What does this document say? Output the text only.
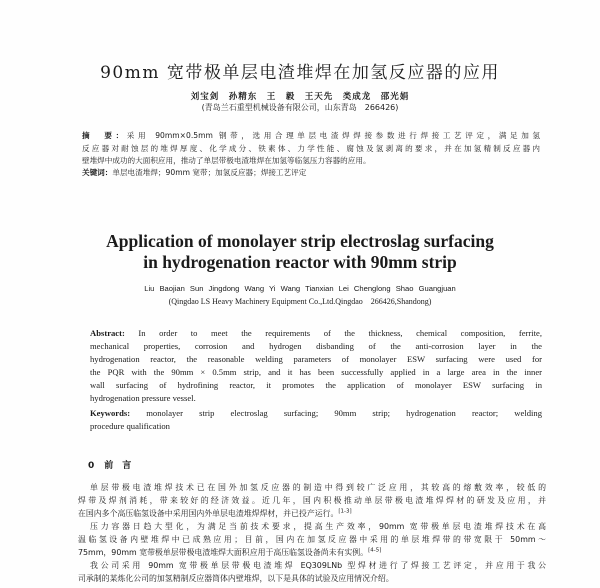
90mm 宽带极单层电渣堆焊在加氢反应器的应用
刘宝剑　孙精东　王　毅　王天先　类成龙　邵光娟
(青岛兰石重型机械设备有限公司，山东青岛　266426)
摘　要：采用 90mm×0.5mm 钢带，选用合理单层电渣焊焊接参数进行焊接工艺评定，满足加氢
反应器对耐蚀层的堆焊厚度、化学成分、铁素体、力学性能、腐蚀及氢剥离的要求，并在加氢精制反应器内
壁堆焊中成功的大面积应用，推动了单层带极电渣堆焊在加氢等临氢压力容器的应用。
关键词：单层电渣堆焊；90mm 宽带；加氢反应器；焊接工艺评定
Application of monolayer strip electroslag surfacing
in hydrogenation reactor with 90mm strip
Liu Baojian Sun Jingdong Wang Yi Wang Tianxian Lei Chenglong Shao Guangjuan
(Qingdao LS Heavy Machinery Equipment Co.,Ltd.Qingdao　266426,Shandong)
Abstract: In order to meet the requirements of the thickness, chemical composition, ferrite,
mechanical properties, corrosion and hydrogen disbanding of the anti-corrosion layer in the
hydrogenation reactor, the reasonable welding parameters of monolayer ESW surfacing were used for
the PQR with the 90mm × 0.5mm strip, and it has been successfully applied in a large area in the inner
wall surfacing of hydrofining reactor, it promotes the application of monolayer ESW surfacing in
hydrogenation pressure vessel.
Keywords: monolayer strip electroslag surfacing; 90mm strip; hydrogenation reactor; welding
procedure qualification
0 前　言
单层带极电渣堆焊技术已在国外加氢反应器的制造中得到较广泛应用，其较高的熔敷效率，较低的
焊带及焊剂消耗，带来较好的经济效益。近几年，国内积极推动单层带极电渣堆焊焊材的研发及应用，并
在国内多个高压临氢设备中采用国内外单层电渣堆焊焊材，并已投产运行。[1-3]
压力容器日趋大型化，为满足当前技术要求，提高生产效率，90mm 宽带极单层电渣堆焊技术在高
温临氢设备内壁堆焊中已成熟应用；目前，国内在加氢反应器中采用的单层堆焊带的带宽限于 50mm～
75mm，90mm 宽带极单层带极电渣堆焊大面积应用于高压临氢设备尚未有实例。[4-5]
我公司采用 90mm 宽带极单层带极电渣堆焊 EQ309LNb 型焊材进行了焊接工艺评定，并应用于我公
司承制的某炼化公司的加氢精制反应器筒体内壁堆焊，以下是具体的试验及应用情况介绍。
